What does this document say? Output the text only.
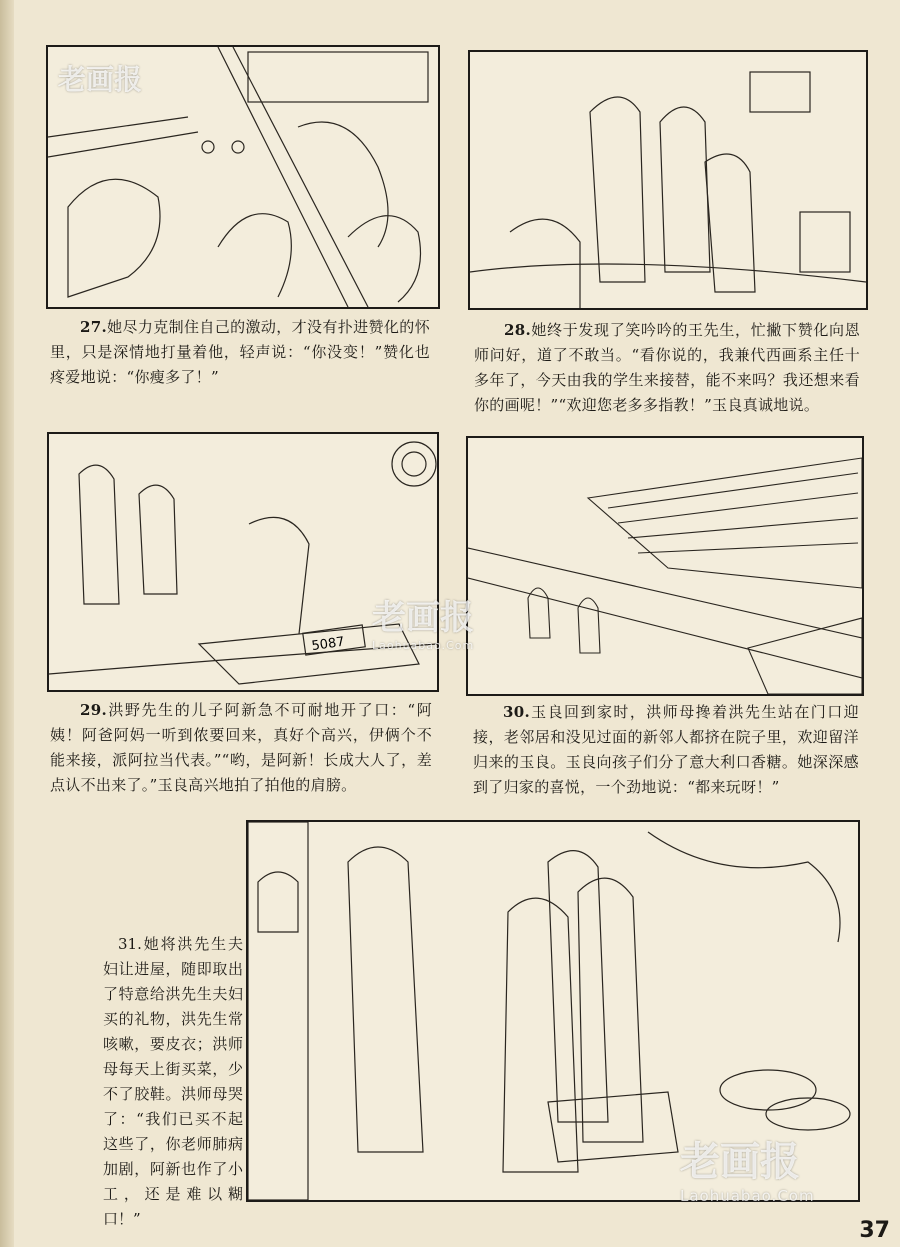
27.她尽力克制住自己的激动，才没有扑进赞化的怀里，只是深情地打量着他，轻声说：“你没变！”赞化也疼爱地说：“你瘦多了！”
28.她终于发现了笑吟吟的王先生，忙撇下赞化向恩师问好，道了不敢当。“看你说的，我兼代西画系主任十多年了，今天由我的学生来接替，能不来吗？我还想来看你的画呢！”“欢迎您老多多指教！”玉良真诚地说。
5087
29.洪野先生的儿子阿新急不可耐地开了口：“阿姨！阿爸阿妈一听到侬要回来，真好个高兴，伊俩个不能来接，派阿拉当代表。”“哟，是阿新！长成大人了，差点认不出来了。”玉良高兴地拍了拍他的肩膀。
30.玉良回到家时，洪师母搀着洪先生站在门口迎接，老邻居和没见过面的新邻人都挤在院子里，欢迎留洋归来的玉良。玉良向孩子们分了意大利口香糖。她深深感到了归家的喜悦，一个劲地说：“都来玩呀！”
31.她将洪先生夫妇让进屋，随即取出了特意给洪先生夫妇买的礼物，洪先生常咳嗽，要皮衣；洪师母每天上街买菜，少不了胶鞋。洪师母哭了：“我们已买不起这些了，你老师肺病加剧，阿新也作了小工，还是难以糊口！”
老画报
老画报
Laohuabao.Com
老画报
Laohuabao.Com
37
